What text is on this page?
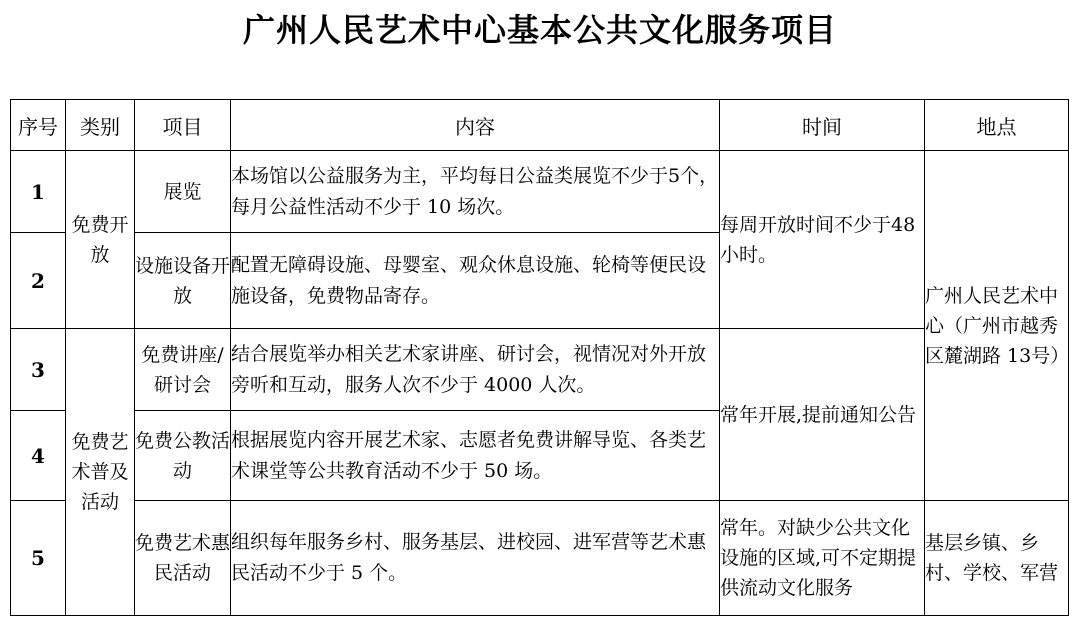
广州人民艺术中心基本公共文化服务项目
序号	类别	项目	内容	时间	地点
1	免费开放	展览	本场馆以公益服务为主，平均每日公益类展览不少于5个，每月公益性活动不少于 10 场次。	每周开放时间不少于48 小时。	广州人民艺术中心（广州市越秀区麓湖路 13号）
2		设施设备开放	配置无障碍设施、母婴室、观众休息设施、轮椅等便民设施设备，免费物品寄存。		
3	免费艺术普及活动	免费讲座/研讨会	结合展览举办相关艺术家讲座、研讨会，视情况对外开放旁听和互动，服务人次不少于 4000 人次。	常年开展,提前通知公告	
4		免费公教活动	根据展览内容开展艺术家、志愿者免费讲解导览、各类艺术课堂等公共教育活动不少于 50 场。		
5		免费艺术惠民活动	组织每年服务乡村、服务基层、进校园、进军营等艺术惠民活动不少于 5 个。	常年。对缺少公共文化设施的区域,可不定期提供流动文化服务	基层乡镇、乡村、学校、军营
